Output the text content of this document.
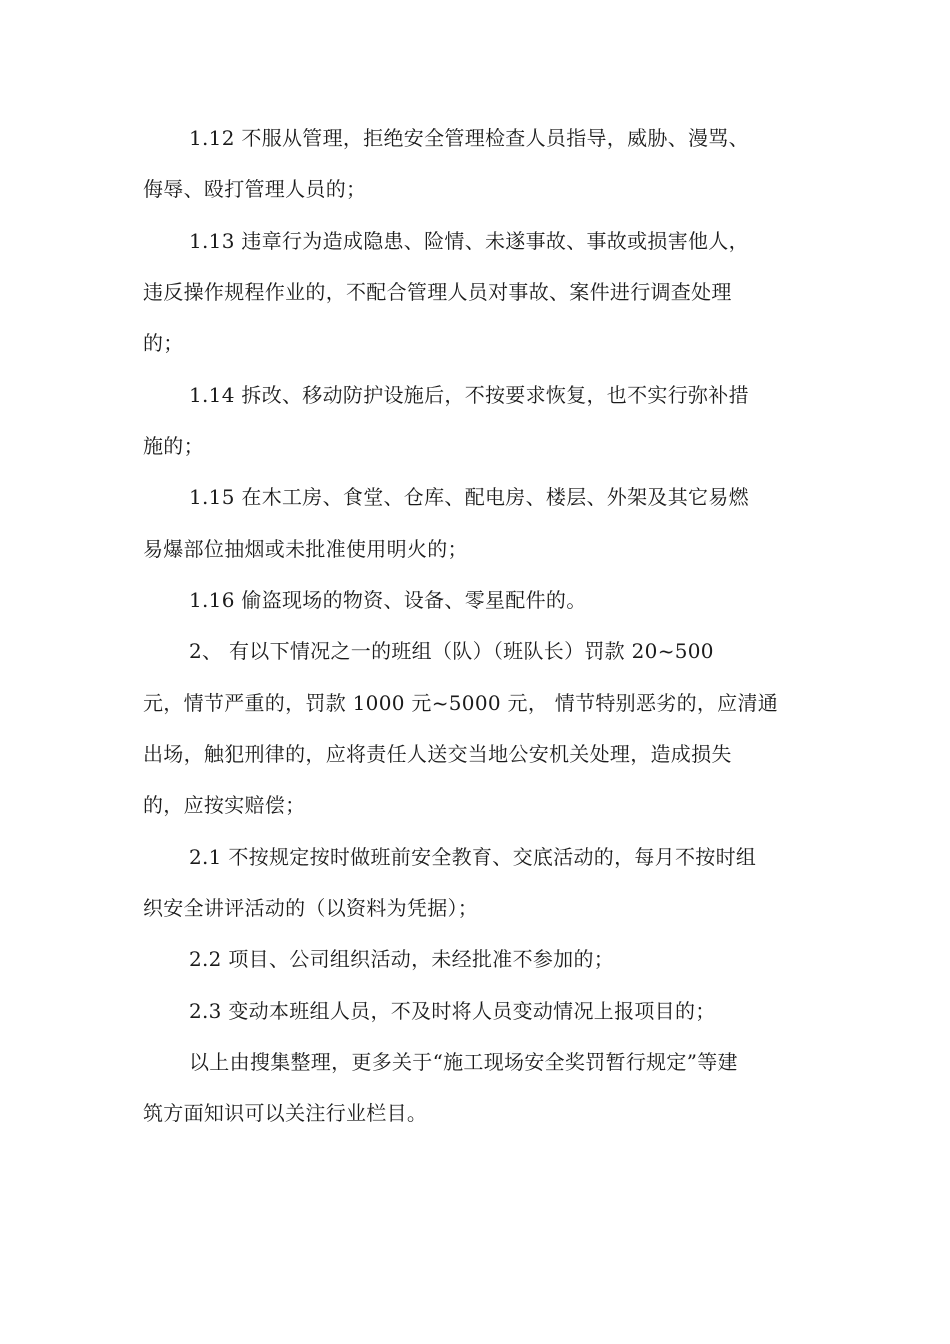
1.12 不服从管理，拒绝安全管理检查人员指导，威胁、漫骂、

侮辱、殴打管理人员的；

1.13 违章行为造成隐患、险情、未遂事故、事故或损害他人，

违反操作规程作业的，不配合管理人员对事故、案件进行调查处理

的；

1.14 拆改、移动防护设施后，不按要求恢复，也不实行弥补措

施的；

1.15 在木工房、食堂、仓库、配电房、楼层、外架及其它易燃

易爆部位抽烟或未批准使用明火的；

1.16 偷盗现场的物资、设备、零星配件的。

2、 有以下情况之一的班组（队）（班队长）罚款 20~500

元，情节严重的，罚款 1000 元~5000 元， 情节特别恶劣的，应清通

出场，触犯刑律的，应将责任人送交当地公安机关处理，造成损失

的，应按实赔偿；

2.1 不按规定按时做班前安全教育、交底活动的，每月不按时组

织安全讲评活动的（以资料为凭据）；

2.2 项目、公司组织活动，未经批准不参加的；

2.3 变动本班组人员，不及时将人员变动情况上报项目的；

以上由搜集整理，更多关于“施工现场安全奖罚暂行规定”等建

筑方面知识可以关注行业栏目。
